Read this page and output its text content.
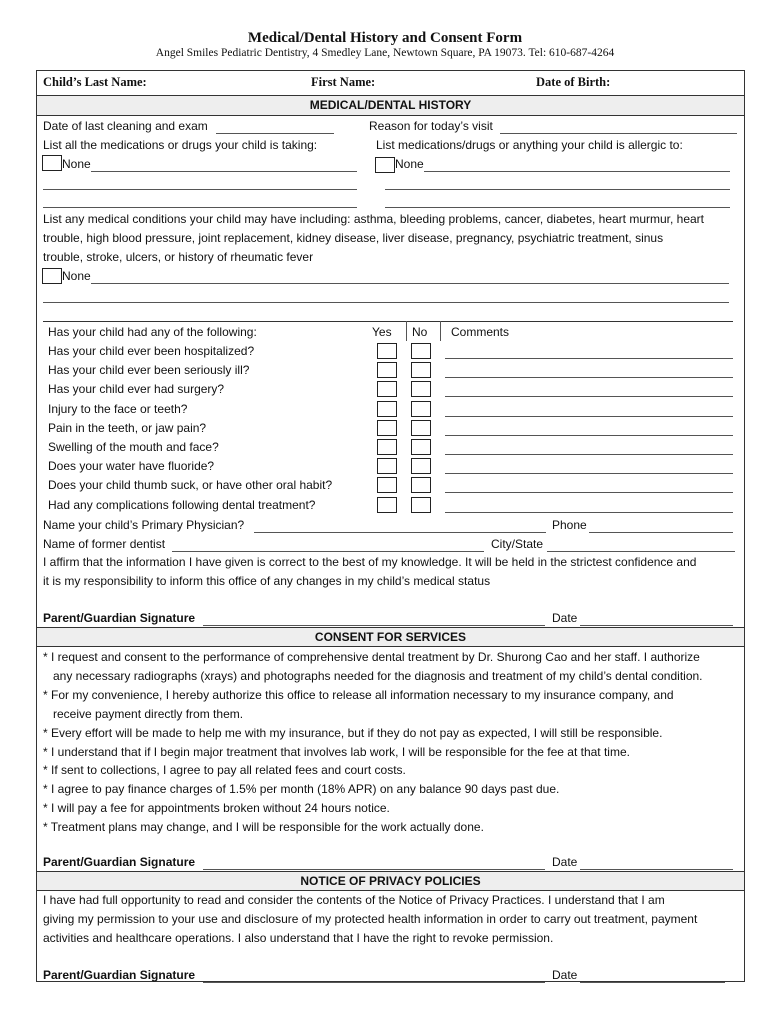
Medical/Dental History and Consent Form
Angel Smiles Pediatric Dentistry, 4 Smedley Lane, Newtown Square, PA 19073. Tel: 610-687-4264
Child’s Last Name:	First Name:	Date of Birth:
MEDICAL/DENTAL HISTORY
Date of last cleaning and exam	Reason for today’s visit
List all the medications or drugs your child is taking:	List medications/drugs or anything your child is allergic to:
None	None
List any medical conditions your child may have including: asthma, bleeding problems, cancer, diabetes, heart murmur, heart
trouble, high blood pressure, joint replacement, kidney disease, liver disease, pregnancy, psychiatric treatment, sinus
trouble, stroke, ulcers, or history of rheumatic fever
None
Has your child had any of the following:	Yes No Comments
Has your child ever been hospitalized?
Has your child ever been seriously ill?
Has your child ever had surgery?
Injury to the face or teeth?
Pain in the teeth, or jaw pain?
Swelling of the mouth and face?
Does your water have fluoride?
Does your child thumb suck, or have other oral habit?
Had any complications following dental treatment?
Name your child’s Primary Physician?	Phone
Name of former dentist	City/State
I affirm that the information I have given is correct to the best of my knowledge. It will be held in the strictest confidence and
it is my responsibility to inform this office of any changes in my child’s medical status
Parent/Guardian Signature	Date
CONSENT FOR SERVICES
* I request and consent to the performance of comprehensive dental treatment by Dr. Shurong Cao and her staff. I authorize
any necessary radiographs (xrays) and photographs needed for the diagnosis and treatment of my child’s dental condition.
* For my convenience, I hereby authorize this office to release all information necessary to my insurance company, and
receive payment directly from them.
* Every effort will be made to help me with my insurance, but if they do not pay as expected, I will still be responsible.
* I understand that if I begin major treatment that involves lab work, I will be responsible for the fee at that time.
* If sent to collections, I agree to pay all related fees and court costs.
* I agree to pay finance charges of 1.5% per month (18% APR) on any balance 90 days past due.
* I will pay a fee for appointments broken without 24 hours notice.
* Treatment plans may change, and I will be responsible for the work actually done.
Parent/Guardian Signature	Date
NOTICE OF PRIVACY POLICIES
I have had full opportunity to read and consider the contents of the Notice of Privacy Practices. I understand that I am
giving my permission to your use and disclosure of my protected health information in order to carry out treatment, payment
activities and healthcare operations. I also understand that I have the right to revoke permission.
Parent/Guardian Signature	Date
